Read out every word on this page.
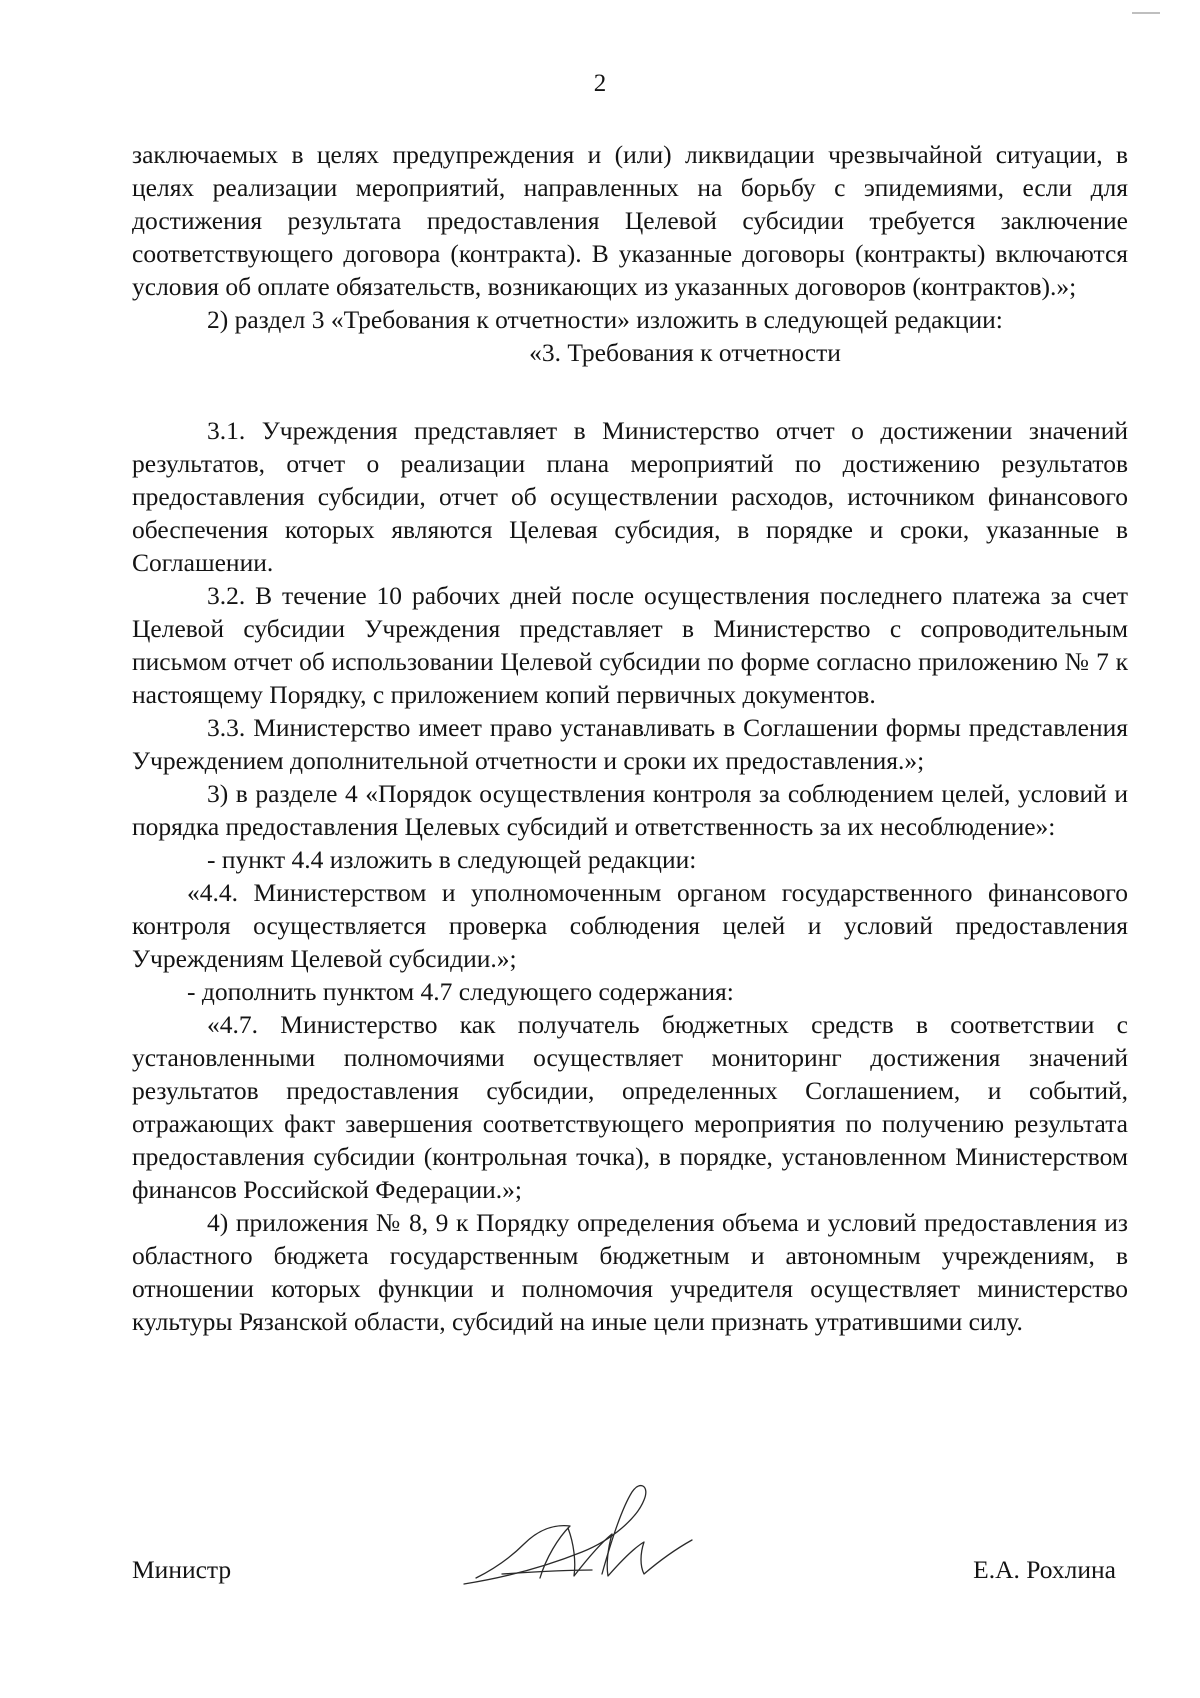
2

заключаемых в целях предупреждения и (или) ликвидации чрезвычайной ситуации, в целях реализации мероприятий, направленных на борьбу с эпидемиями, если для достижения результата предоставления Целевой субсидии требуется заключение соответствующего договора (контракта). В указанные договоры (контракты) включаются условия об оплате обязательств, возникающих из указанных договоров (контрактов).»;

2) раздел 3 «Требования к отчетности» изложить в следующей редакции:

«3. Требования к отчетности

3.1. Учреждения представляет в Министерство отчет о достижении значений результатов, отчет о реализации плана мероприятий по достижению результатов предоставления субсидии, отчет об осуществлении расходов, источником финансового обеспечения которых являются Целевая субсидия, в порядке и сроки, указанные в Соглашении.

3.2. В течение 10 рабочих дней после осуществления последнего платежа за счет Целевой субсидии Учреждения представляет в Министерство с сопроводительным письмом отчет об использовании Целевой субсидии по форме согласно приложению № 7 к настоящему Порядку, с приложением копий первичных документов.

3.3. Министерство имеет право устанавливать в Соглашении формы представления Учреждением дополнительной отчетности и сроки их предоставления.»;

3) в разделе 4 «Порядок осуществления контроля за соблюдением целей, условий и порядка предоставления Целевых субсидий и ответственность за их несоблюдение»:

- пункт 4.4 изложить в следующей редакции:

«4.4. Министерством и уполномоченным органом государственного финансового контроля осуществляется проверка соблюдения целей и условий предоставления Учреждениям Целевой субсидии.»;

- дополнить пунктом 4.7 следующего содержания:

«4.7. Министерство как получатель бюджетных средств в соответствии с установленными полномочиями осуществляет мониторинг достижения значений результатов предоставления субсидии, определенных Соглашением, и событий, отражающих факт завершения соответствующего мероприятия по получению результата предоставления субсидии (контрольная точка), в порядке, установленном Министерством финансов Российской Федерации.»;

4) приложения № 8, 9 к Порядку определения объема и условий предоставления из областного бюджета государственным бюджетным и автономным учреждениям, в отношении которых функции и полномочия учредителя осуществляет министерство культуры Рязанской области, субсидий на иные цели признать утратившими силу.

Министр	Е.А. Рохлина
